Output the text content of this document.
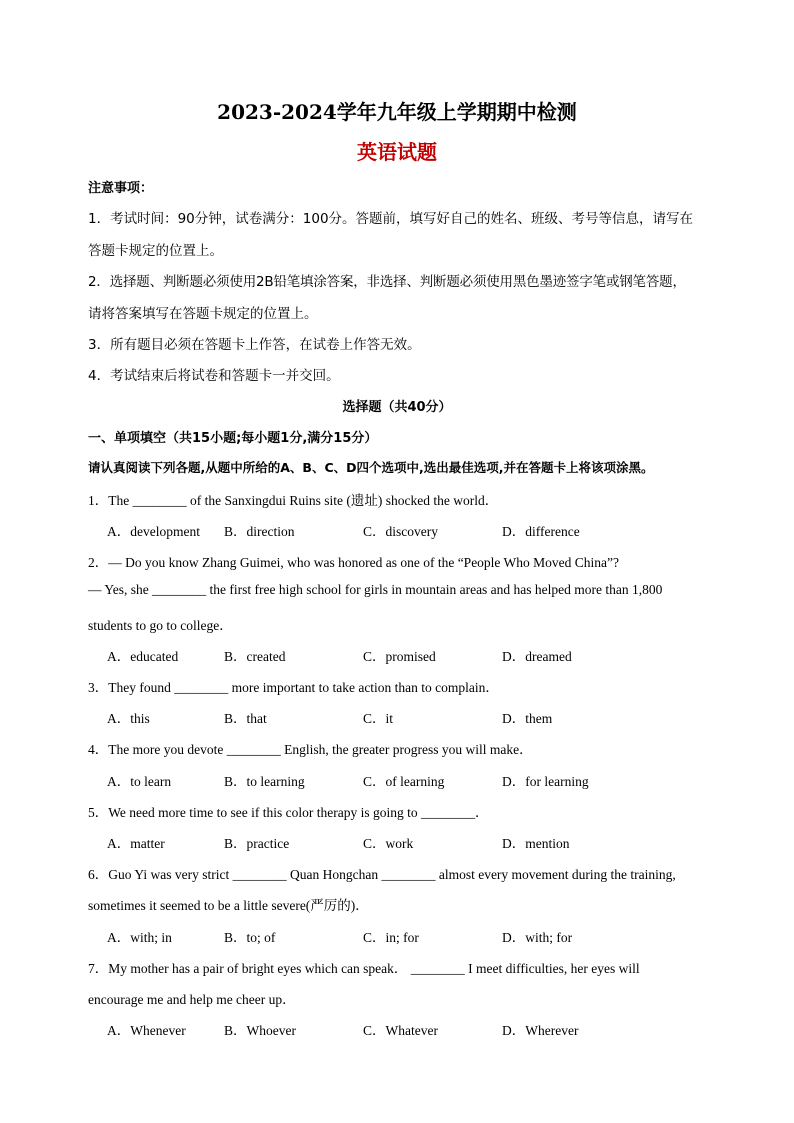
2023-2024学年九年级上学期期中检测
英语试题
注意事项：
1．考试时间：90分钟，试卷满分：100分。答题前，填写好自己的姓名、班级、考号等信息，请写在
答题卡规定的位置上。
2．选择题、判断题必须使用2B铅笔填涂答案，非选择、判断题必须使用黑色墨迹签字笔或钢笔答题，
请将答案填写在答题卡规定的位置上。
3．所有题目必须在答题卡上作答，在试卷上作答无效。
4．考试结束后将试卷和答题卡一并交回。
选择题（共40分）
一、单项填空（共15小题;每小题1分,满分15分）
请认真阅读下列各题,从题中所给的A、B、C、D四个选项中,选出最佳选项,并在答题卡上将该项涂黑。
1．The ________ of the Sanxingdui Ruins site (遗址) shocked the world．
A．development B．direction	C．discovery	D．difference
2．— Do you know Zhang Guimei, who was honored as one of the “People Who Moved China”?
— Yes, she ________ the first free high school for girls in mountain areas and has helped more than 1,800
students to go to college．
A．educated	B．created	C．promised	D．dreamed
3．They found ________ more important to take action than to complain．
A．this	B．that	C．it	D．them
4．The more you devote ________ English, the greater progress you will make．
A．to learn	B．to learning	C．of learning	D．for learning
5．We need more time to see if this color therapy is going to ________．
A．matter	B．practice	C．work	D．mention
6．Guo Yi was very strict ________ Quan Hongchan ________ almost every movement during the training,
sometimes it seemed to be a little severe(严厉的)．
A．with; in	B．to; of	C．in; for	D．with; for
7．My mother has a pair of bright eyes which can speak． ________ I meet difficulties, her eyes will
encourage me and help me cheer up．
A．Whenever	B．Whoever	C．Whatever	D．Wherever
